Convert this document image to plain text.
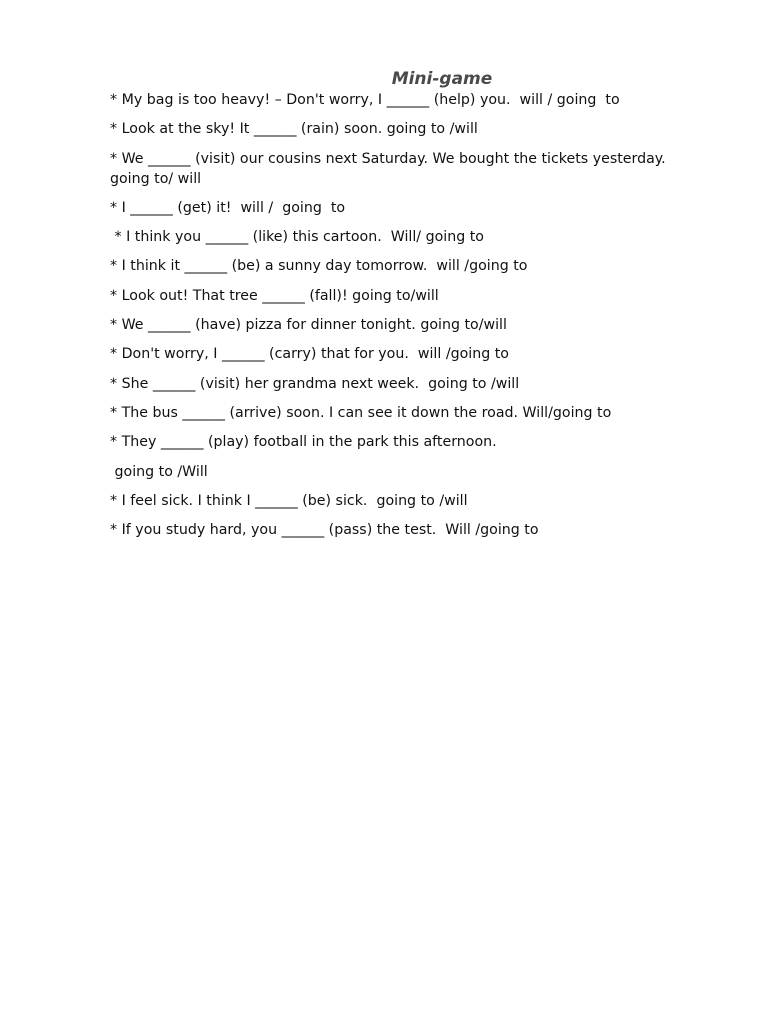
Mini-game

* My bag is too heavy! – Don't worry, I ______ (help) you.  will / going  to

* Look at the sky! It ______ (rain) soon. going to /will

* We ______ (visit) our cousins next Saturday. We bought the tickets yesterday.  going to/ will

* I ______ (get) it!  will /  going  to

* I think you ______ (like) this cartoon.  Will/ going to

* I think it ______ (be) a sunny day tomorrow.  will /going to

* Look out! That tree ______ (fall)! going to/will

* We ______ (have) pizza for dinner tonight. going to/will

* Don't worry, I ______ (carry) that for you.  will /going to

* She ______ (visit) her grandma next week.  going to /will

* The bus ______ (arrive) soon. I can see it down the road. Will/going to

* They ______ (play) football in the park this afternoon.

going to /Will

* I feel sick. I think I ______ (be) sick.  going to /will

* If you study hard, you ______ (pass) the test.  Will /going to
